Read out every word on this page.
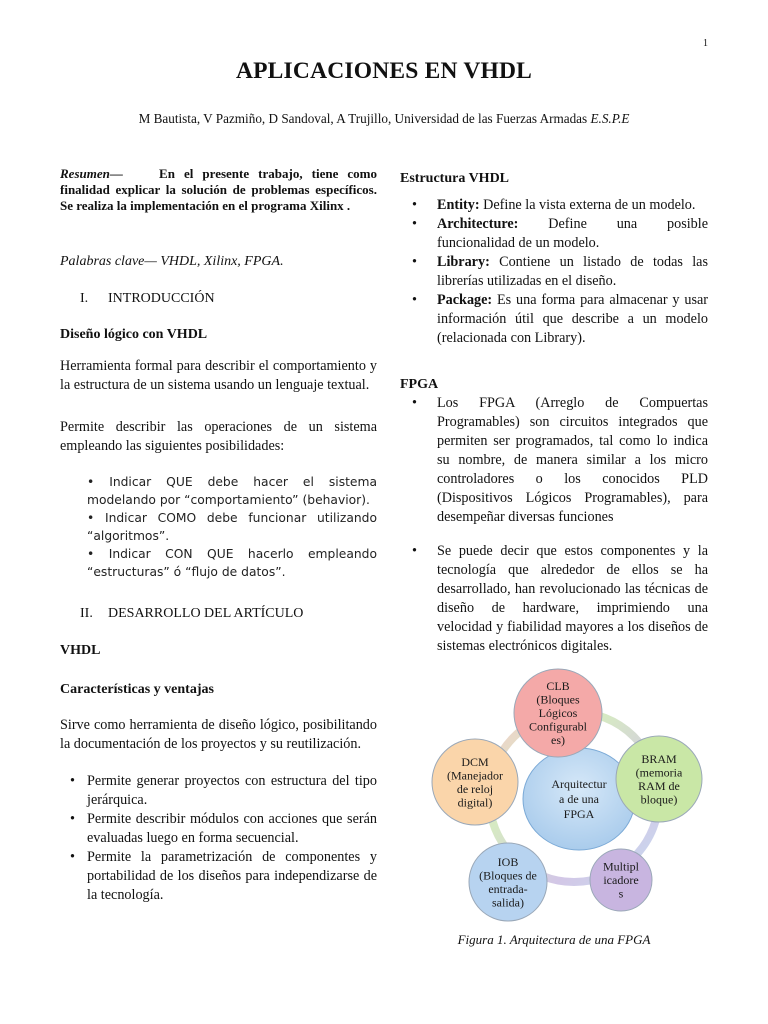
1
APLICACIONES EN VHDL
M Bautista, V Pazmiño, D Sandoval, A Trujillo, Universidad de las Fuerzas Armadas E.S.P.E
Resumen—	En el presente trabajo, tiene como finalidad explicar la solución de problemas específicos. Se realiza la implementación en el programa Xilinx .
Palabras clave— VHDL, Xilinx, FPGA.
I. INTRODUCCIÓN
Diseño lógico con VHDL
Herramienta formal para describir el comportamiento y la estructura de un sistema usando un lenguaje textual.
Permite describir las operaciones de un sistema empleando las siguientes posibilidades:

• Indicar QUE debe hacer el sistema modelando por “comportamiento” (behavior).

• Indicar COMO debe funcionar utilizando “algoritmos”.

• Indicar CON QUE hacerlo empleando “estructuras” ó “flujo de datos”.

II. DESARROLLO DEL ARTÍCULO
VHDL
Características y ventajas
Sirve como herramienta de diseño lógico, posibilitando la documentación de los proyectos y su reutilización.
• Permite generar proyectos con estructura del tipo jerárquica.
• Permite describir módulos con acciones que serán evaluadas luego en forma secuencial.
• Permite la parametrización de componentes y portabilidad de los diseños para independizarse de la tecnología.
Estructura VHDL
• Entity: Define la vista externa de un modelo.
• Architecture: Define una posible funcionalidad de un modelo.
• Library: Contiene un listado de todas las librerías utilizadas en el diseño.
• Package: Es una forma para almacenar y usar información útil que describe a un modelo (relacionada con Library).
FPGA
• Los FPGA (Arreglo de Compuertas Programables) son circuitos integrados que permiten ser programados, tal como lo indica su nombre, de manera similar a los micro controladores o los conocidos PLD (Dispositivos Lógicos Programables), para desempeñar diversas funciones
• Se puede decir que estos componentes y la tecnología que alrededor de ellos se ha desarrollado, han revolucionado las técnicas de diseño de hardware, imprimiendo una velocidad y fiabilidad mayores a los diseños de sistemas electrónicos digitales.
Arquitectur
a de una
FPGA
CLB
(Bloques
Lógicos
Configurabl
es)
BRAM
(memoria
RAM de
bloque)
Multipl
icadore
s
IOB
(Bloques de
entrada-
salida)
DCM
(Manejador
de reloj
digital)
Figura 1. Arquitectura de una FPGA
